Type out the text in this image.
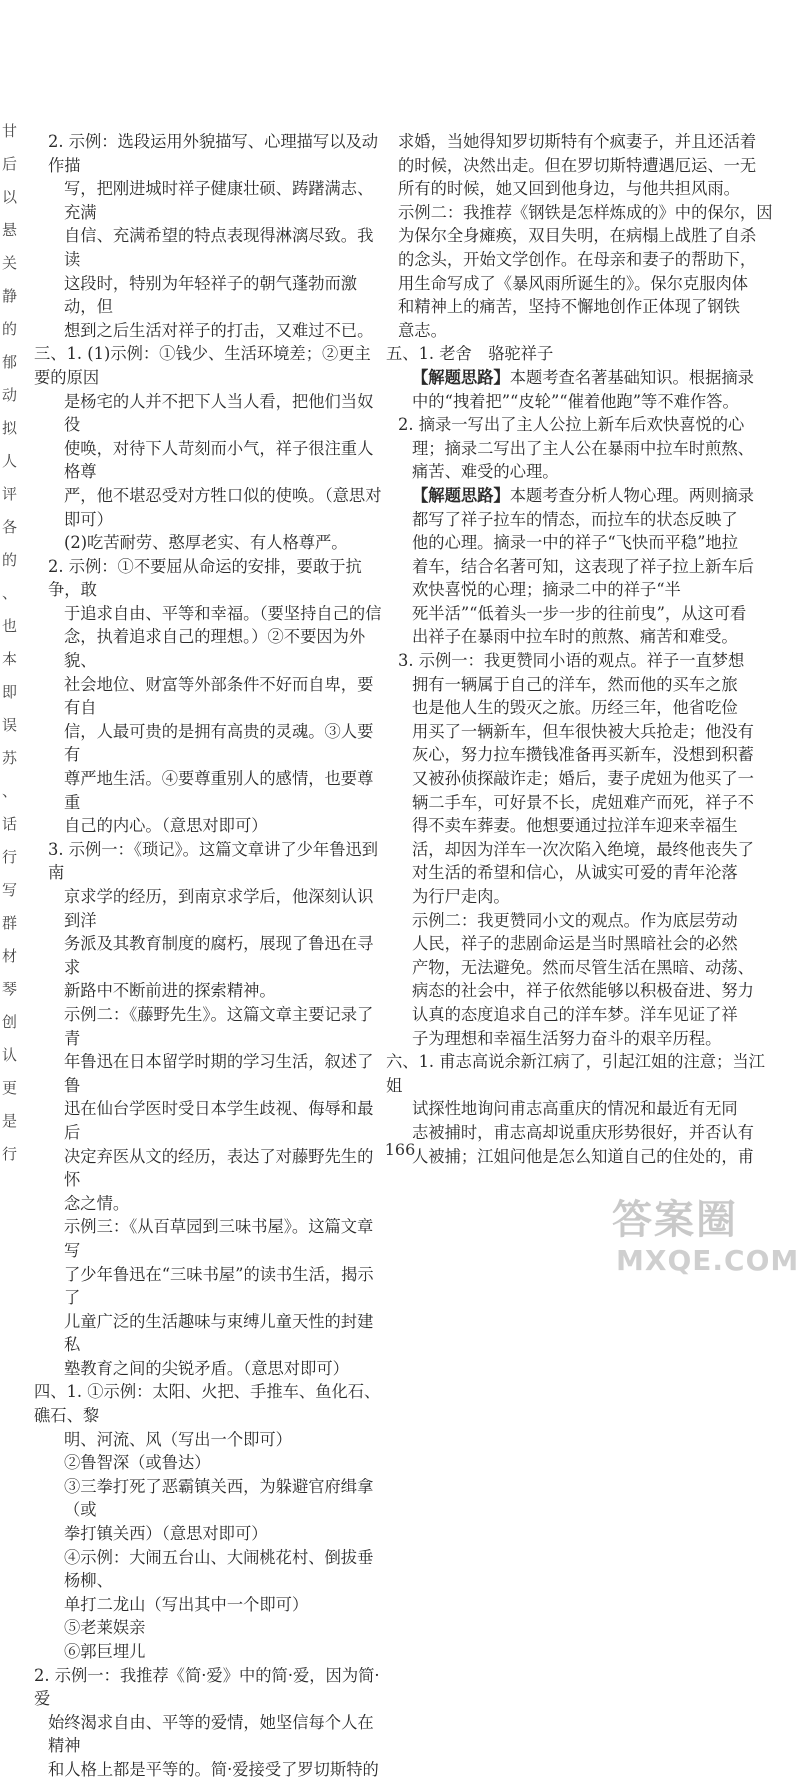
甘
后
以
悬
关
静
的
郁
动
拟
人
评
各
的
、
也
本
即
误
苏
、
话
行
写
群
材
琴
创
认
更
是
行

2. 示例：选段运用外貌描写、心理描写以及动作描

写，把刚进城时祥子健康壮硕、踌躇满志、充满

自信、充满希望的特点表现得淋漓尽致。我读

这段时，特别为年轻祥子的朝气蓬勃而激动，但

想到之后生活对祥子的打击，又难过不已。

三、1. (1)示例：①钱少、生活环境差；②更主要的原因

是杨宅的人并不把下人当人看，把他们当奴役

使唤，对待下人苛刻而小气，祥子很注重人格尊

严，他不堪忍受对方牲口似的使唤。（意思对

即可）

(2)吃苦耐劳、憨厚老实、有人格尊严。

2. 示例：①不要屈从命运的安排，要敢于抗争，敢

于追求自由、平等和幸福。（要坚持自己的信

念，执着追求自己的理想。）②不要因为外貌、

社会地位、财富等外部条件不好而自卑，要有自

信，人最可贵的是拥有高贵的灵魂。③人要有

尊严地生活。④要尊重别人的感情，也要尊重

自己的内心。（意思对即可）

3. 示例一：《琐记》。这篇文章讲了少年鲁迅到南

京求学的经历，到南京求学后，他深刻认识到洋

务派及其教育制度的腐朽，展现了鲁迅在寻求

新路中不断前进的探索精神。

示例二：《藤野先生》。这篇文章主要记录了青

年鲁迅在日本留学时期的学习生活，叙述了鲁

迅在仙台学医时受日本学生歧视、侮辱和最后

决定弃医从文的经历，表达了对藤野先生的怀

念之情。

示例三：《从百草园到三味书屋》。这篇文章写

了少年鲁迅在“三味书屋”的读书生活，揭示了

儿童广泛的生活趣味与束缚儿童天性的封建私

塾教育之间的尖锐矛盾。（意思对即可）

四、1. ①示例：太阳、火把、手推车、鱼化石、礁石、黎

明、河流、风（写出一个即可）

②鲁智深（或鲁达）

③三拳打死了恶霸镇关西，为躲避官府缉拿（或

拳打镇关西）（意思对即可）

④示例：大闹五台山、大闹桃花村、倒拔垂杨柳、

单打二龙山（写出其中一个即可）

⑤老莱娱亲

⑥郭巨埋儿

2. 示例一：我推荐《简·爱》中的简·爱，因为简·爱

始终渴求自由、平等的爱情，她坚信每个人在精神

和人格上都是平等的。简·爱接受了罗切斯特的

求婚，当她得知罗切斯特有个疯妻子，并且还活着

的时候，决然出走。但在罗切斯特遭遇厄运、一无

所有的时候，她又回到他身边，与他共担风雨。

示例二：我推荐《钢铁是怎样炼成的》中的保尔，因

为保尔全身瘫痪，双目失明，在病榻上战胜了自杀

的念头，开始文学创作。在母亲和妻子的帮助下，

用生命写成了《暴风雨所诞生的》。保尔克服肉体

和精神上的痛苦，坚持不懈地创作正体现了钢铁

意志。

五、1. 老舍　骆驼祥子

【解题思路】本题考查名著基础知识。根据摘录

中的“拽着把”“皮轮”“催着他跑”等不难作答。

2. 摘录一写出了主人公拉上新车后欢快喜悦的心

理；摘录二写出了主人公在暴雨中拉车时煎熬、

痛苦、难受的心理。

【解题思路】本题考查分析人物心理。两则摘录

都写了祥子拉车的情态，而拉车的状态反映了

他的心理。摘录一中的祥子“飞快而平稳”地拉

着车，结合名著可知，这表现了祥子拉上新车后

欢快喜悦的心理；摘录二中的祥子“半

死半活”“低着头一步一步的往前曳”，从这可看

出祥子在暴雨中拉车时的煎熬、痛苦和难受。

3. 示例一：我更赞同小语的观点。祥子一直梦想

拥有一辆属于自己的洋车，然而他的买车之旅

也是他人生的毁灭之旅。历经三年，他省吃俭

用买了一辆新车，但车很快被大兵抢走；他没有

灰心，努力拉车攒钱准备再买新车，没想到积蓄

又被孙侦探敲诈走；婚后，妻子虎妞为他买了一

辆二手车，可好景不长，虎妞难产而死，祥子不

得不卖车葬妻。他想要通过拉洋车迎来幸福生

活，却因为洋车一次次陷入绝境，最终他丧失了

对生活的希望和信心，从诚实可爱的青年沦落

为行尸走肉。

示例二：我更赞同小文的观点。作为底层劳动

人民，祥子的悲剧命运是当时黑暗社会的必然

产物，无法避免。然而尽管生活在黑暗、动荡、

病态的社会中，祥子依然能够以积极奋进、努力

认真的态度追求自己的洋车梦。洋车见证了祥

子为理想和幸福生活努力奋斗的艰辛历程。

六、1. 甫志高说余新江病了，引起江姐的注意；当江姐

试探性地询问甫志高重庆的情况和最近有无同

志被捕时，甫志高却说重庆形势很好，并否认有

人被捕；江姐问他是怎么知道自己的住处的，甫

166
答案圈
MXQE.COM
